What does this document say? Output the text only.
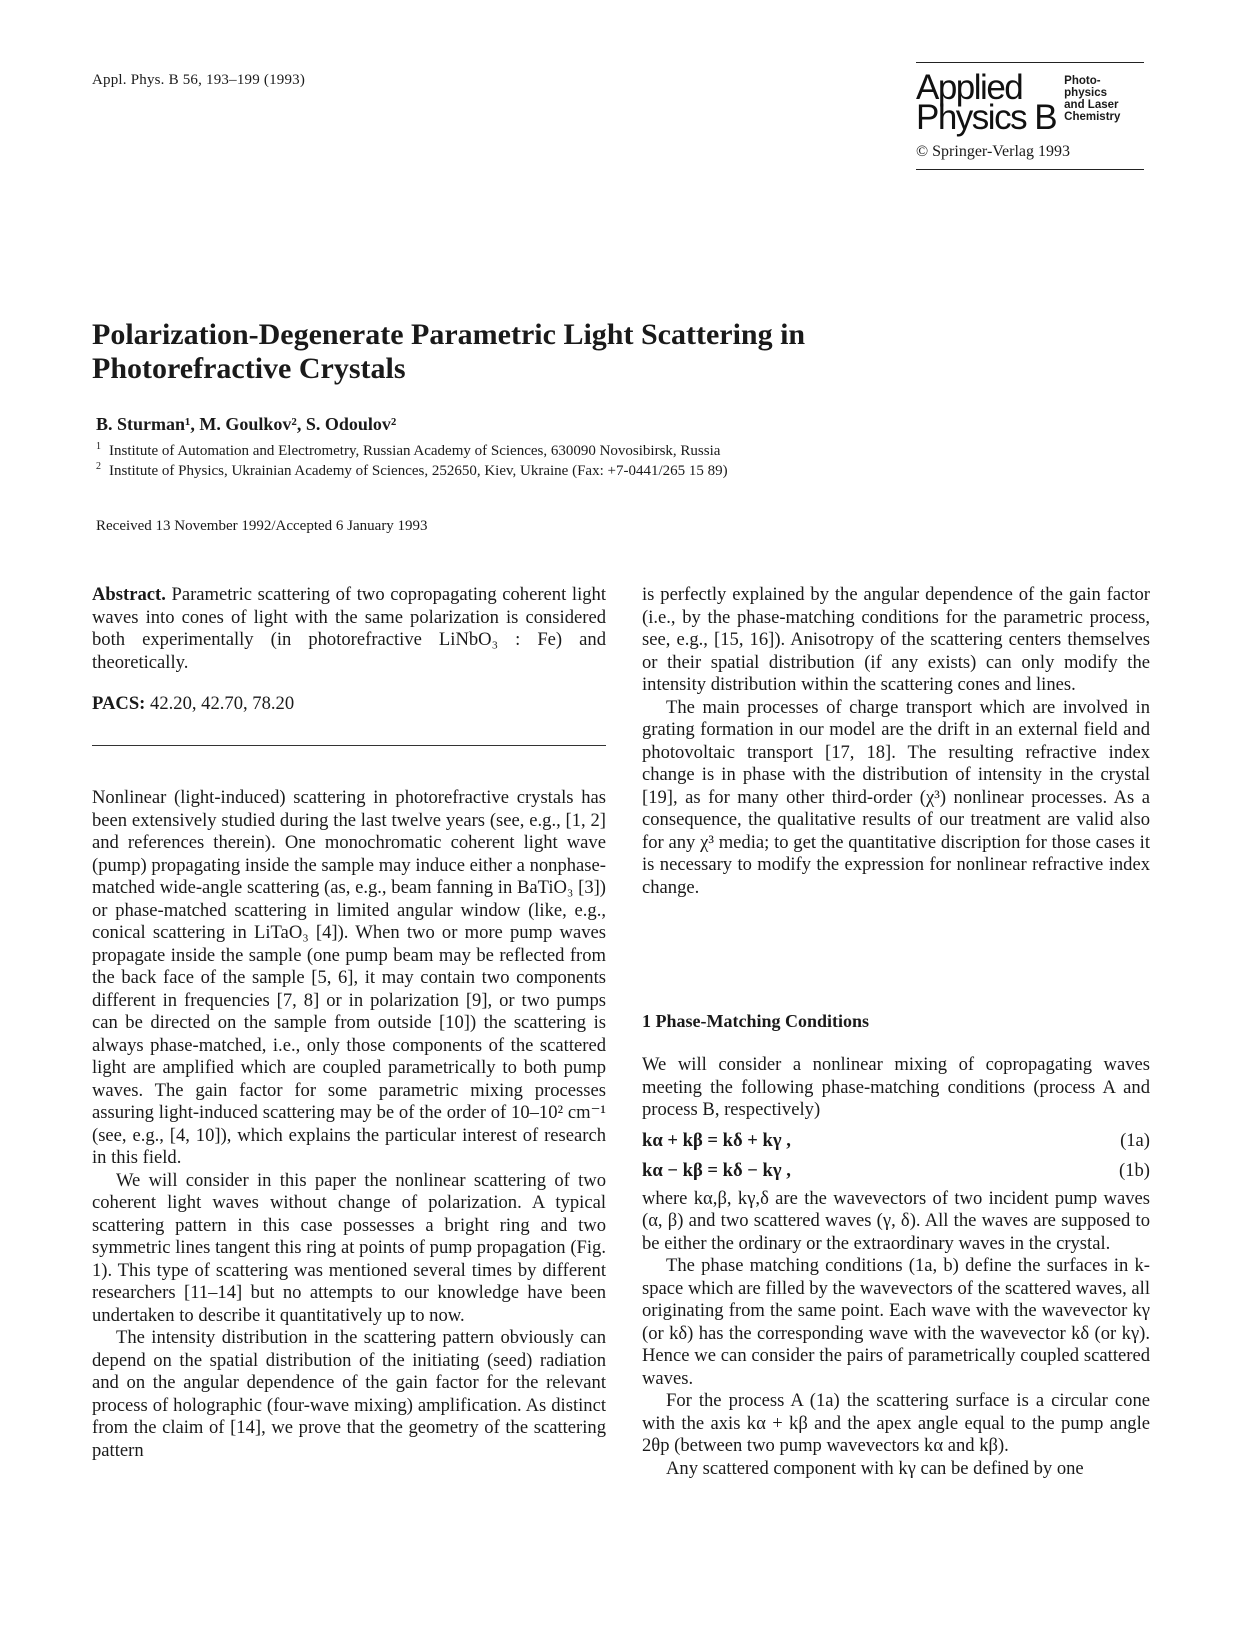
Appl. Phys. B 56, 193–199 (1993)	Applied
Physics B
Photo-
physics
and Laser
Chemistry
© Springer-Verlag 1993
Polarization-Degenerate Parametric Light Scattering in
Photorefractive Crystals
B. Sturman¹, M. Goulkov², S. Odoulov²
$^1$ Institute of Automation and Electrometry, Russian Academy of Sciences, 630090 Novosibirsk, Russia
$^2$ Institute of Physics, Ukrainian Academy of Sciences, 252650, Kiev, Ukraine (Fax: +7-0441/265 15 89)
Received 13 November 1992/Accepted 6 January 1993

Abstract. Parametric scattering of two copropagating coherent light waves into cones of light with the same polarization is considered both experimentally (in photorefractive LiNbO₃ : Fe) and theoretically.

PACS: 42.20, 42.70, 78.20

Nonlinear (light-induced) scattering in photorefractive crystals has been extensively studied during the last twelve years (see, e.g., [1, 2] and references therein). One monochromatic coherent light wave (pump) propagating inside the sample may induce either a nonphase-matched wide-angle scattering (as, e.g., beam fanning in BaTiO₃ [3]) or phase-matched scattering in limited angular window (like, e.g., conical scattering in LiTaO₃ [4]). When two or more pump waves propagate inside the sample (one pump beam may be reflected from the back face of the sample [5, 6], it may contain two components different in frequencies [7, 8] or in polarization [9], or two pumps can be directed on the sample from outside [10]) the scattering is always phase-matched, i.e., only those components of the scattered light are amplified which are coupled parametrically to both pump waves. The gain factor for some parametric mixing processes assuring light-induced scattering may be of the order of 10–10² cm⁻¹ (see, e.g., [4, 10]), which explains the particular interest of research in this field.

We will consider in this paper the nonlinear scattering of two coherent light waves without change of polarization. A typical scattering pattern in this case possesses a bright ring and two symmetric lines tangent this ring at points of pump propagation (Fig. 1). This type of scattering was mentioned several times by different researchers [11–14] but no attempts to our knowledge have been undertaken to describe it quantitatively up to now.

The intensity distribution in the scattering pattern obviously can depend on the spatial distribution of the initiating (seed) radiation and on the angular dependence of the gain factor for the relevant process of holographic (four-wave mixing) amplification. As distinct from the claim of [14], we prove that the geometry of the scattering pattern

is perfectly explained by the angular dependence of the gain factor (i.e., by the phase-matching conditions for the parametric process, see, e.g., [15, 16]). Anisotropy of the scattering centers themselves or their spatial distribution (if any exists) can only modify the intensity distribution within the scattering cones and lines.

The main processes of charge transport which are involved in grating formation in our model are the drift in an external field and photovoltaic transport [17, 18]. The resulting refractive index change is in phase with the distribution of intensity in the crystal [19], as for many other third-order (χ³) nonlinear processes. As a consequence, the qualitative results of our treatment are valid also for any χ³ media; to get the quantitative discription for those cases it is necessary to modify the expression for nonlinear refractive index change.

1 Phase-Matching Conditions

We will consider a nonlinear mixing of copropagating waves meeting the following phase-matching conditions (process A and process B, respectively)

kα + kβ = kδ + kγ ,	(1a)
kα − kβ = kδ − kγ ,	(1b)

where kα,β, kγ,δ are the wavevectors of two incident pump waves (α, β) and two scattered waves (γ, δ). All the waves are supposed to be either the ordinary or the extraordinary waves in the crystal.

The phase matching conditions (1a, b) define the surfaces in k-space which are filled by the wavevectors of the scattered waves, all originating from the same point. Each wave with the wavevector kγ (or kδ) has the corresponding wave with the wavevector kδ (or kγ). Hence we can consider the pairs of parametrically coupled scattered waves.

For the process A (1a) the scattering surface is a circular cone with the axis kα + kβ and the apex angle equal to the pump angle 2θp (between two pump wavevectors kα and kβ).

Any scattered component with kγ can be defined by one
